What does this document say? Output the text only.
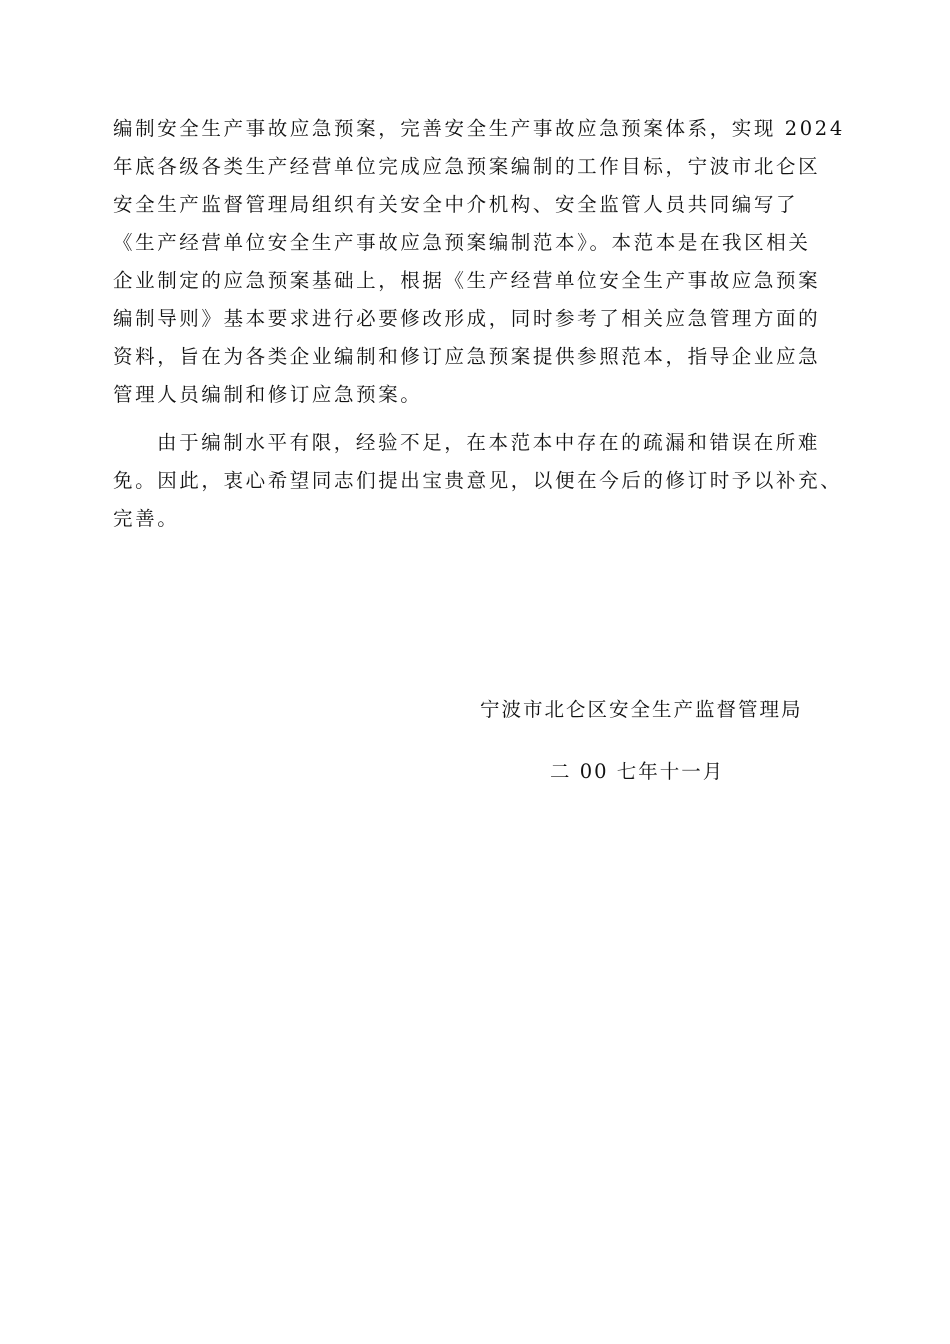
编制安全生产事故应急预案，完善安全生产事故应急预案体系，实现 2024
年底各级各类生产经营单位完成应急预案编制的工作目标，宁波市北仑区
安全生产监督管理局组织有关安全中介机构、安全监管人员共同编写了
《生产经营单位安全生产事故应急预案编制范本》。本范本是在我区相关
企业制定的应急预案基础上，根据《生产经营单位安全生产事故应急预案
编制导则》基本要求进行必要修改形成，同时参考了相关应急管理方面的
资料，旨在为各类企业编制和修订应急预案提供参照范本，指导企业应急
管理人员编制和修订应急预案。
由于编制水平有限，经验不足，在本范本中存在的疏漏和错误在所难
免。因此，衷心希望同志们提出宝贵意见，以便在今后的修订时予以补充、
完善。
宁波市北仑区安全生产监督管理局
二 00 七年十一月
